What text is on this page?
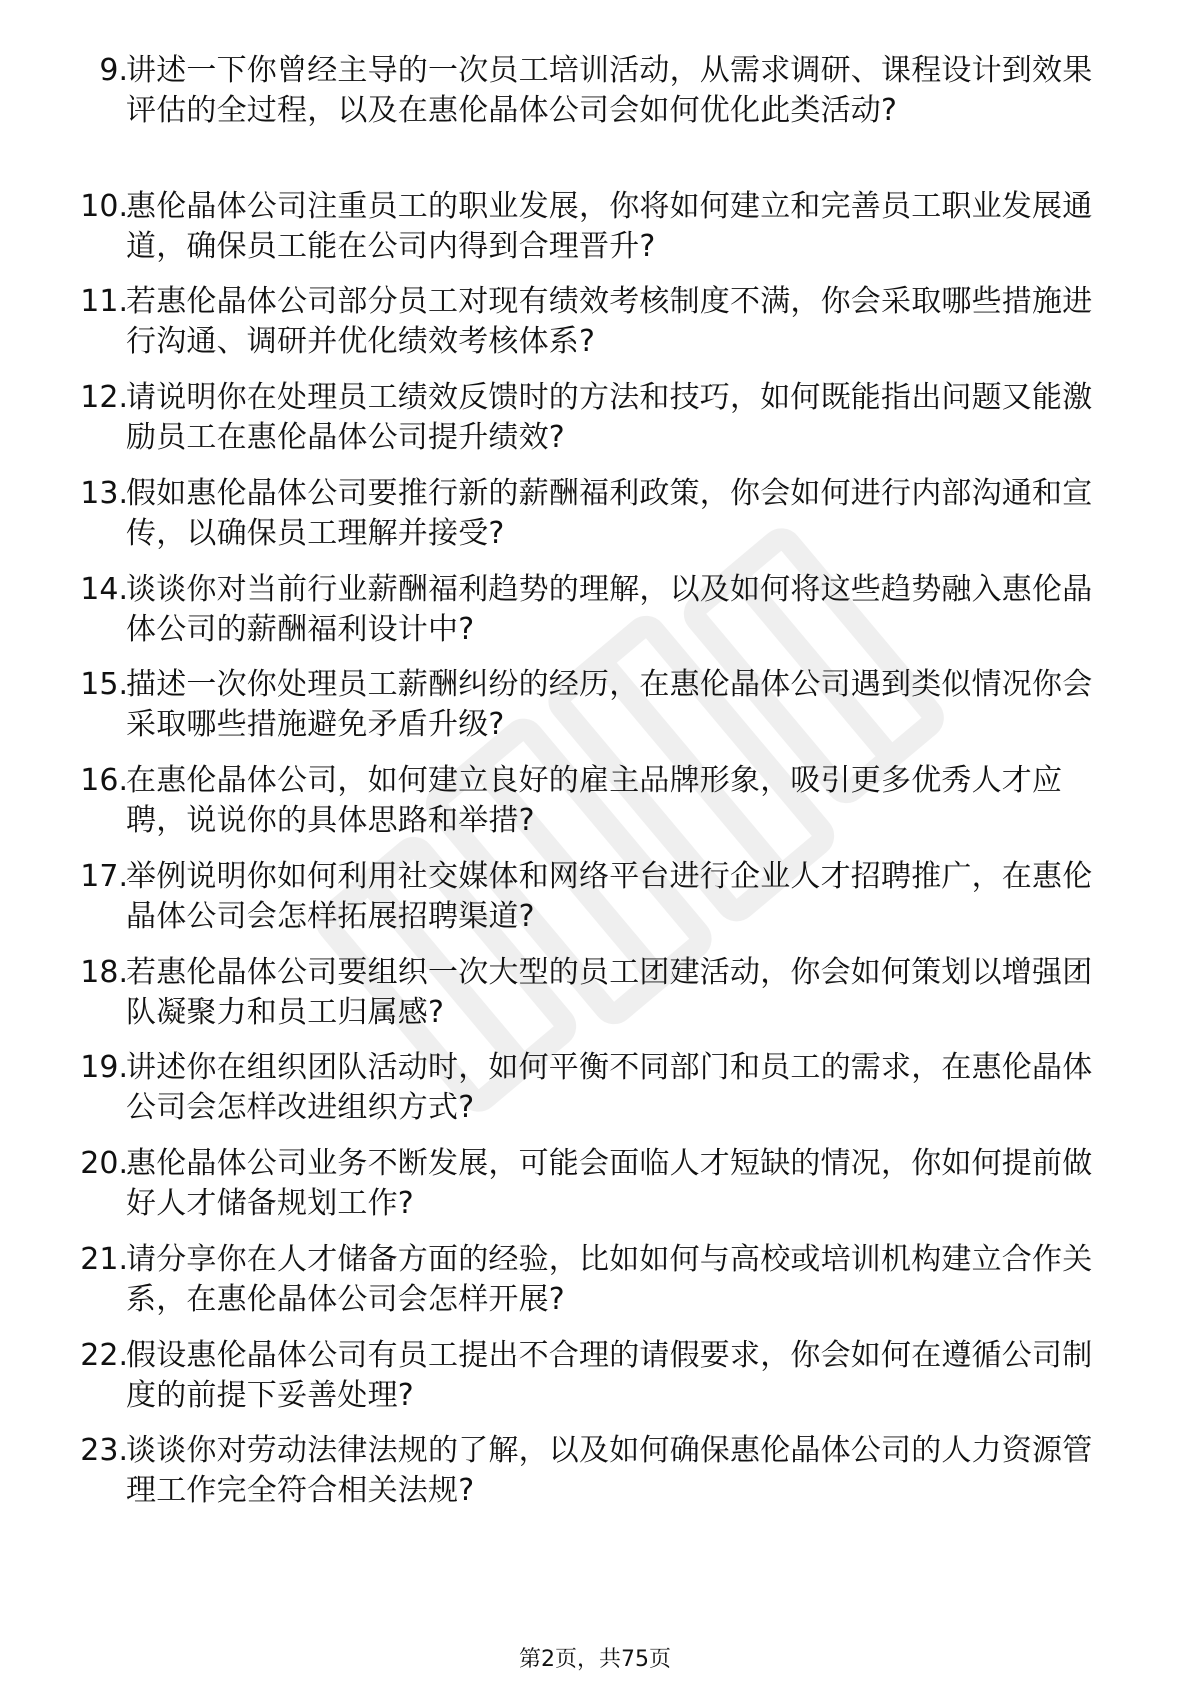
9.
讲述一下你曾经主导的一次员工培训活动，从需求调研、课程设计到效果评估的全过程，以及在惠伦晶体公司会如何优化此类活动?
10.
惠伦晶体公司注重员工的职业发展，你将如何建立和完善员工职业发展通道，确保员工能在公司内得到合理晋升?
11.
若惠伦晶体公司部分员工对现有绩效考核制度不满，你会采取哪些措施进行沟通、调研并优化绩效考核体系?
12.
请说明你在处理员工绩效反馈时的方法和技巧，如何既能指出问题又能激励员工在惠伦晶体公司提升绩效?
13.
假如惠伦晶体公司要推行新的薪酬福利政策，你会如何进行内部沟通和宣传，以确保员工理解并接受?
14.
谈谈你对当前行业薪酬福利趋势的理解，以及如何将这些趋势融入惠伦晶体公司的薪酬福利设计中?
15.
描述一次你处理员工薪酬纠纷的经历，在惠伦晶体公司遇到类似情况你会采取哪些措施避免矛盾升级?
16.
在惠伦晶体公司，如何建立良好的雇主品牌形象，吸引更多优秀人才应聘，说说你的具体思路和举措?
17.
举例说明你如何利用社交媒体和网络平台进行企业人才招聘推广，在惠伦晶体公司会怎样拓展招聘渠道?
18.
若惠伦晶体公司要组织一次大型的员工团建活动，你会如何策划以增强团队凝聚力和员工归属感?
19.
讲述你在组织团队活动时，如何平衡不同部门和员工的需求，在惠伦晶体公司会怎样改进组织方式?
20.
惠伦晶体公司业务不断发展，可能会面临人才短缺的情况，你如何提前做好人才储备规划工作?
21.
请分享你在人才储备方面的经验，比如如何与高校或培训机构建立合作关系，在惠伦晶体公司会怎样开展?
22.
假设惠伦晶体公司有员工提出不合理的请假要求，你会如何在遵循公司制度的前提下妥善处理?
23.
谈谈你对劳动法律法规的了解，以及如何确保惠伦晶体公司的人力资源管理工作完全符合相关法规?
第2页，共75页
